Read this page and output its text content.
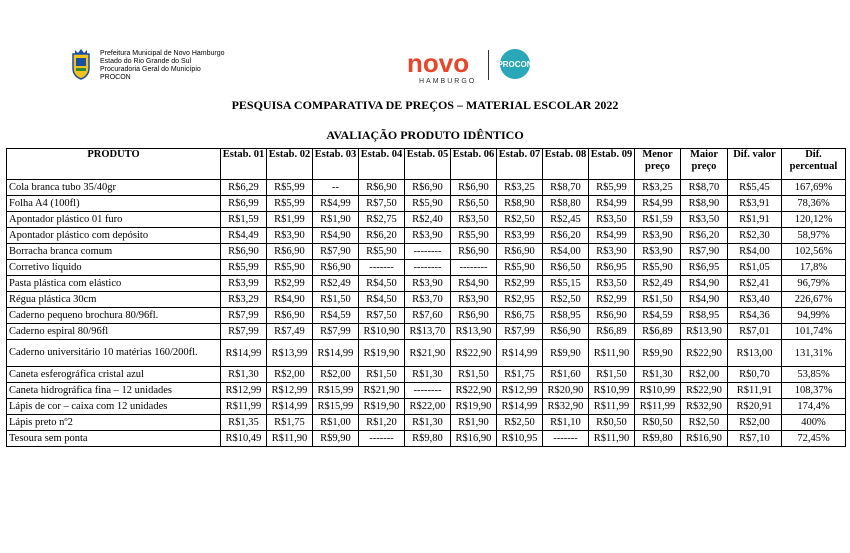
Prefeitura Municipal de Novo Hamburgo
Estado do Rio Grande do Sul
Procuradoria Geral do Município
PROCON	novo
HAMBURGO
PROCON
PESQUISA COMPARATIVA DE PREÇOS – MATERIAL ESCOLAR 2022
AVALIAÇÃO PRODUTO IDÊNTICO
PRODUTO	Estab. 01	Estab. 02	Estab. 03	Estab. 04	Estab. 05	Estab. 06	Estab. 07	Estab. 08	Estab. 09	Menor preço	Maior preço	Dif. valor	Dif. percentual
Cola branca tubo 35/40gr	R$6,29	R$5,99	--	R$6,90	R$6,90	R$6,90	R$3,25	R$8,70	R$5,99	R$3,25	R$8,70	R$5,45	167,69%
Folha A4 (100fl)	R$6,99	R$5,99	R$4,99	R$7,50	R$5,90	R$6,50	R$8,90	R$8,80	R$4,99	R$4,99	R$8,90	R$3,91	78,36%
Apontador plástico 01 furo	R$1,59	R$1,99	R$1,90	R$2,75	R$2,40	R$3,50	R$2,50	R$2,45	R$3,50	R$1,59	R$3,50	R$1,91	120,12%
Apontador plástico com depósito	R$4,49	R$3,90	R$4,90	R$6,20	R$3,90	R$5,90	R$3,99	R$6,20	R$4,99	R$3,90	R$6,20	R$2,30	58,97%
Borracha branca comum	R$6,90	R$6,90	R$7,90	R$5,90	--------	R$6,90	R$6,90	R$4,00	R$3,90	R$3,90	R$7,90	R$4,00	102,56%
Corretivo líquido	R$5,99	R$5,90	R$6,90	-------	--------	--------	R$5,90	R$6,50	R$6,95	R$5,90	R$6,95	R$1,05	17,8%
Pasta plástica com elástico	R$3,99	R$2,99	R$2,49	R$4,50	R$3,90	R$4,90	R$2,99	R$5,15	R$3,50	R$2,49	R$4,90	R$2,41	96,79%
Régua plástica 30cm	R$3,29	R$4,90	R$1,50	R$4,50	R$3,70	R$3,90	R$2,95	R$2,50	R$2,99	R$1,50	R$4,90	R$3,40	226,67%
Caderno pequeno brochura 80/96fl.	R$7,99	R$6,90	R$4,59	R$7,50	R$7,60	R$6,90	R$6,75	R$8,95	R$6,90	R$4,59	R$8,95	R$4,36	94,99%
Caderno espiral 80/96fl	R$7,99	R$7,49	R$7,99	R$10,90	R$13,70	R$13,90	R$7,99	R$6,90	R$6,89	R$6,89	R$13,90	R$7,01	101,74%
Caderno universitário 10 matérias 160/200fl.	R$14,99	R$13,99	R$14,99	R$19,90	R$21,90	R$22,90	R$14,99	R$9,90	R$11,90	R$9,90	R$22,90	R$13,00	131,31%
Caneta esferográfica cristal azul	R$1,30	R$2,00	R$2,00	R$1,50	R$1,30	R$1,50	R$1,75	R$1,60	R$1,50	R$1,30	R$2,00	R$0,70	53,85%
Caneta hidrográfica fina – 12 unidades	R$12,99	R$12,99	R$15,99	R$21,90	--------	R$22,90	R$12,99	R$20,90	R$10,99	R$10,99	R$22,90	R$11,91	108,37%
Lápis de cor – caixa com 12 unidades	R$11,99	R$14,99	R$15,99	R$19,90	R$22,00	R$19,90	R$14,99	R$32,90	R$11,99	R$11,99	R$32,90	R$20,91	174,4%
Lápis preto nº2	R$1,35	R$1,75	R$1,00	R$1,20	R$1,30	R$1,90	R$2,50	R$1,10	R$0,50	R$0,50	R$2,50	R$2,00	400%
Tesoura sem ponta	R$10,49	R$11,90	R$9,90	-------	R$9,80	R$16,90	R$10,95	-------	R$11,90	R$9,80	R$16,90	R$7,10	72,45%
